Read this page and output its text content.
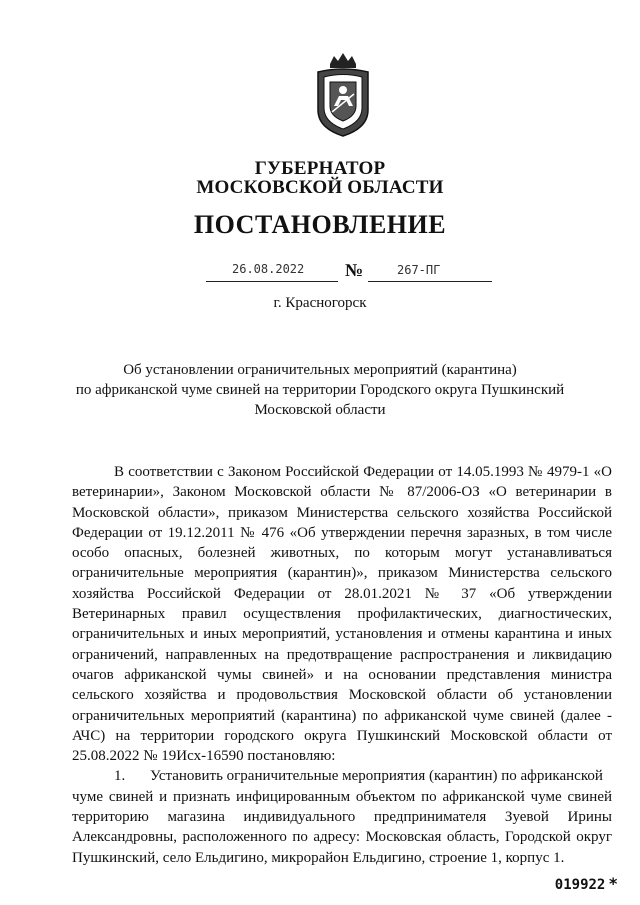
ГУБЕРНАТОР
МОСКОВСКОЙ ОБЛАСТИ
ПОСТАНОВЛЕНИЕ
26.08.2022 №	267-ПГ
г. Красногорск
Об установлении ограничительных мероприятий (карантина)
по африканской чуме свиней на территории Городского округа Пушкинский
Московской области

В соответствии с Законом Российской Федерации от 14.05.1993 № 4979-1 «О ветеринарии», Законом Московской области № 87/2006-ОЗ «О ветеринарии в Московской области», приказом Министерства сельского хозяйства Российской Федерации от 19.12.2011 № 476 «Об утверждении перечня заразных, в том числе особо опасных, болезней животных, по которым могут устанавливаться ограничительные мероприятия (карантин)», приказом Министерства сельского хозяйства Российской Федерации от 28.01.2021 № 37 «Об утверждении Ветеринарных правил осуществления профилактических, диагностических, ограничительных и иных мероприятий, установления и отмены карантина и иных ограничений, направленных на предотвращение распространения и ликвидацию очагов африканской чумы свиней» и на основании представления министра сельского хозяйства и продовольствия Московской области об установлении ограничительных мероприятий (карантина) по африканской чуме свиней (далее - АЧС) на территории городского округа Пушкинский Московской области от 25.08.2022 № 19Исх-16590 постановляю:

1. Установить ограничительные мероприятия (карантин) по африканской

чуме свиней и признать инфицированным объектом по африканской чуме свиней территорию магазина индивидуального предпринимателя Зуевой Ирины Александровны, расположенного по адресу: Московская область, Городской округ Пушкинский, село Ельдигино, микрорайон Ельдигино, строение 1, корпус 1.

019922 *
